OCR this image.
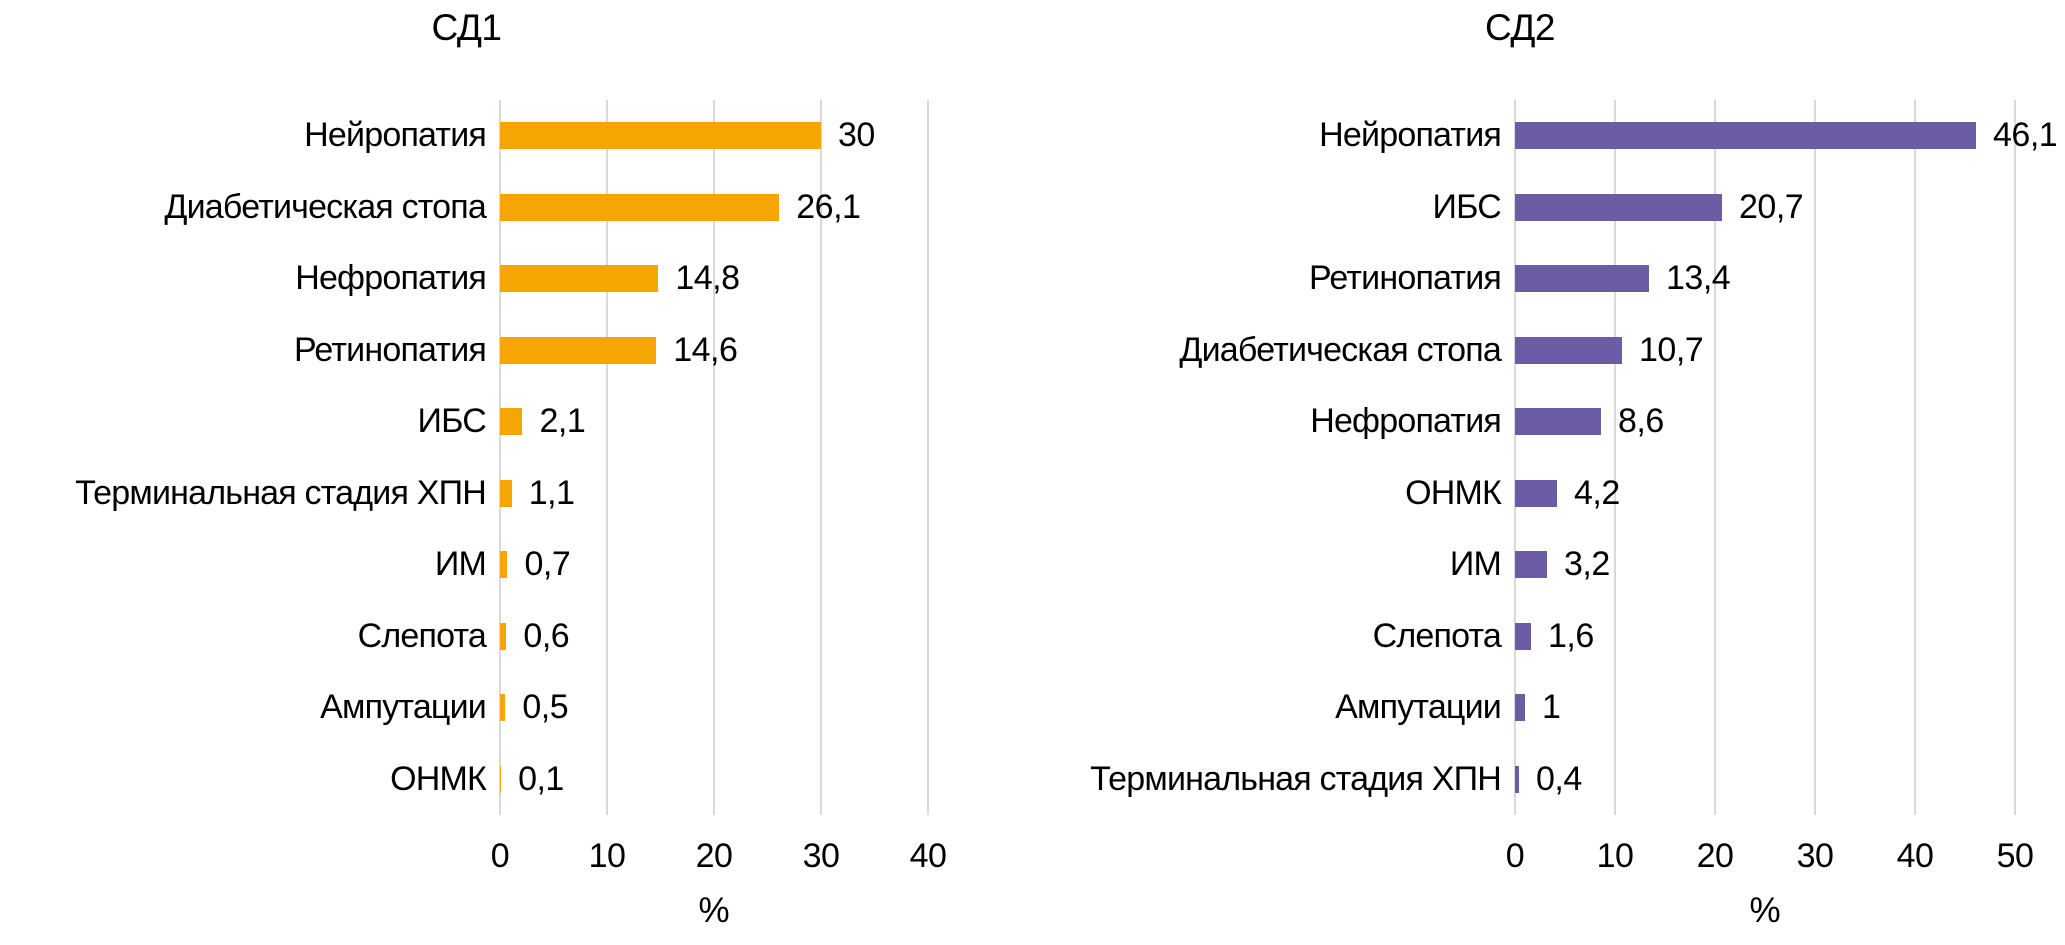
СД1
Нейропатия
Диабетическая стопа
Нефропатия
Ретинопатия
ИБС
Терминальная стадия ХПН
ИМ
Слепота
Ампутации
ОНМК
30
26,1
14,8
14,6
2,1
1,1
0,7
0,6
0,5
0,1
0 10 20 30 40
%
СД2
Нейропатия
ИБС
Ретинопатия
Диабетическая стопа
Нефропатия
ОНМК
ИМ
Слепота
Ампутации
Терминальная стадия ХПН
46,1
20,7
13,4
10,7
8,6
4,2
3,2
1,6
1
0,4
0 10 20 30 40 50
%
